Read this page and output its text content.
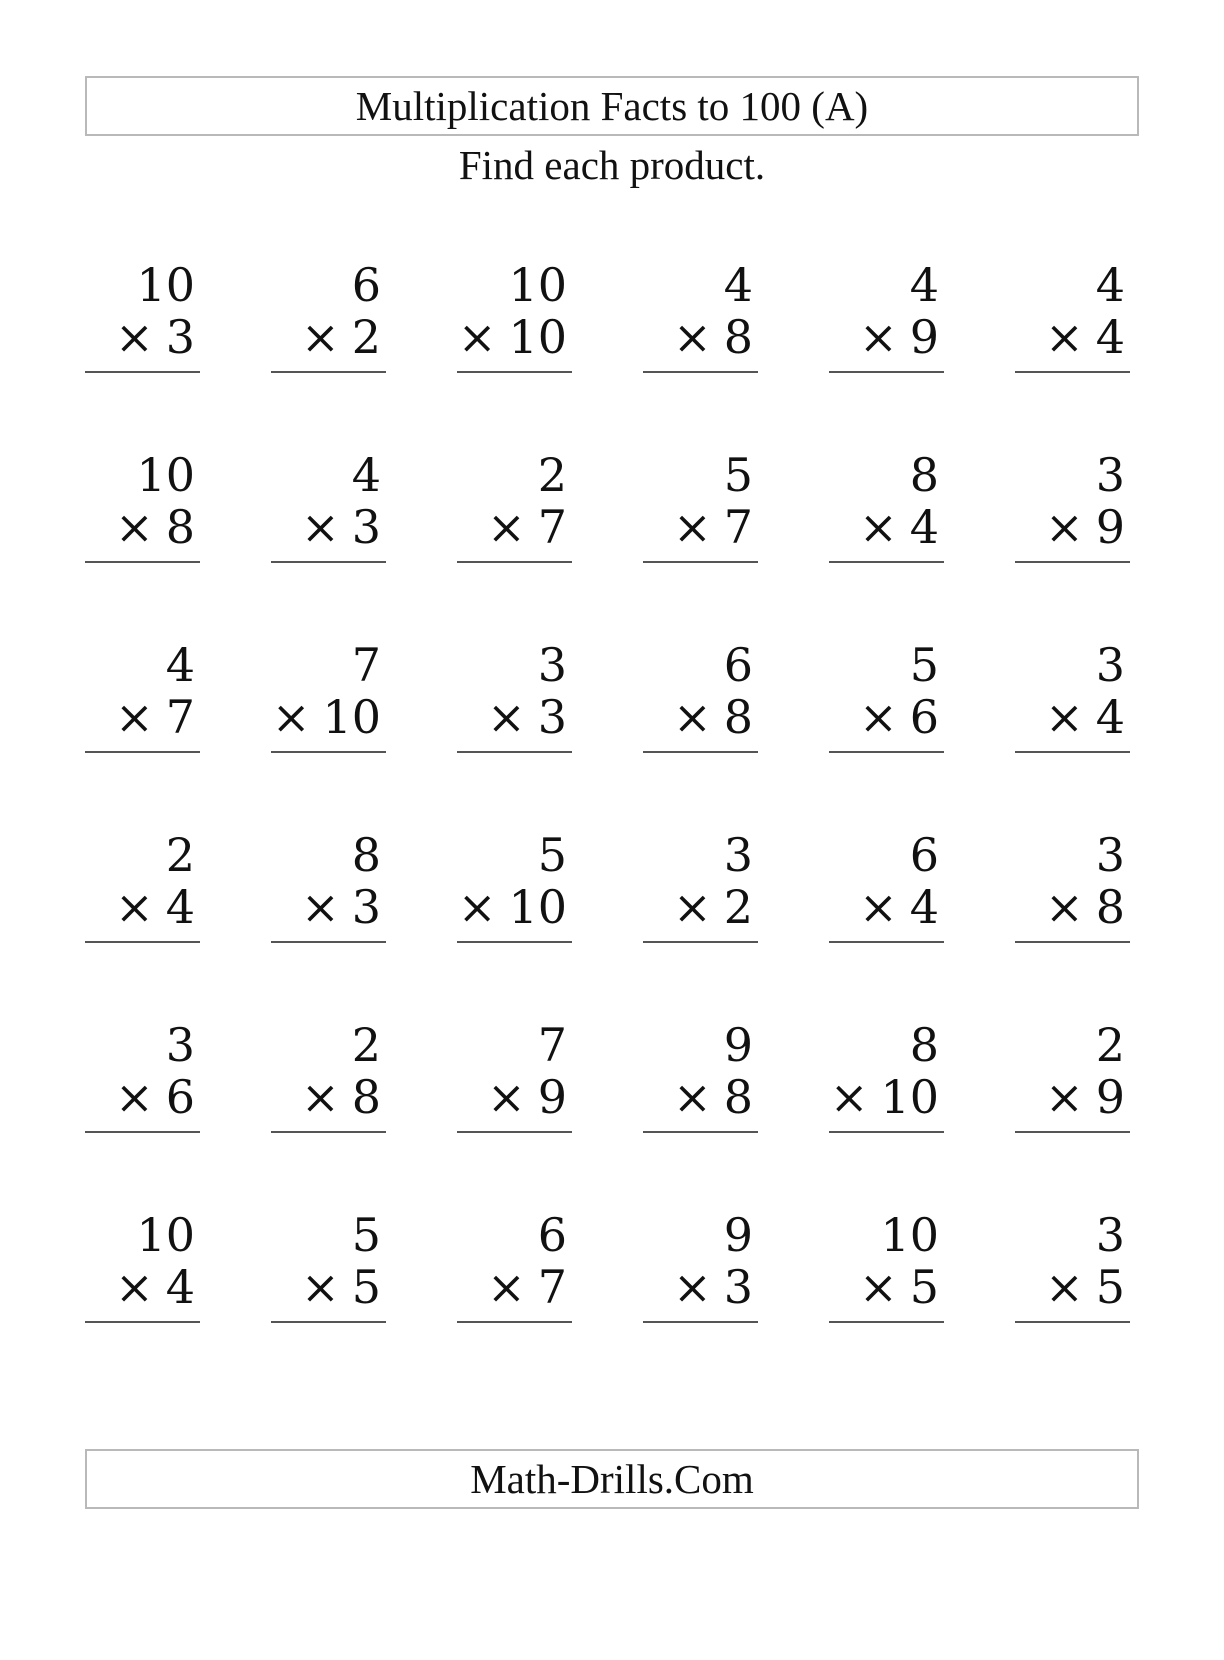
Multiplication Facts to 100 (A)
Find each product.
10
× 3
6
× 2
10
× 10
4
× 8
4
× 9
4
× 4
10
× 8
4
× 3
2
× 7
5
× 7
8
× 4
3
× 9
4
× 7
7
× 10
3
× 3
6
× 8
5
× 6
3
× 4
2
× 4
8
× 3
5
× 10
3
× 2
6
× 4
3
× 8
3
× 6
2
× 8
7
× 9
9
× 8
8
× 10
2
× 9
10
× 4
5
× 5
6
× 7
9
× 3
10
× 5
3
× 5
Math-Drills.Com
